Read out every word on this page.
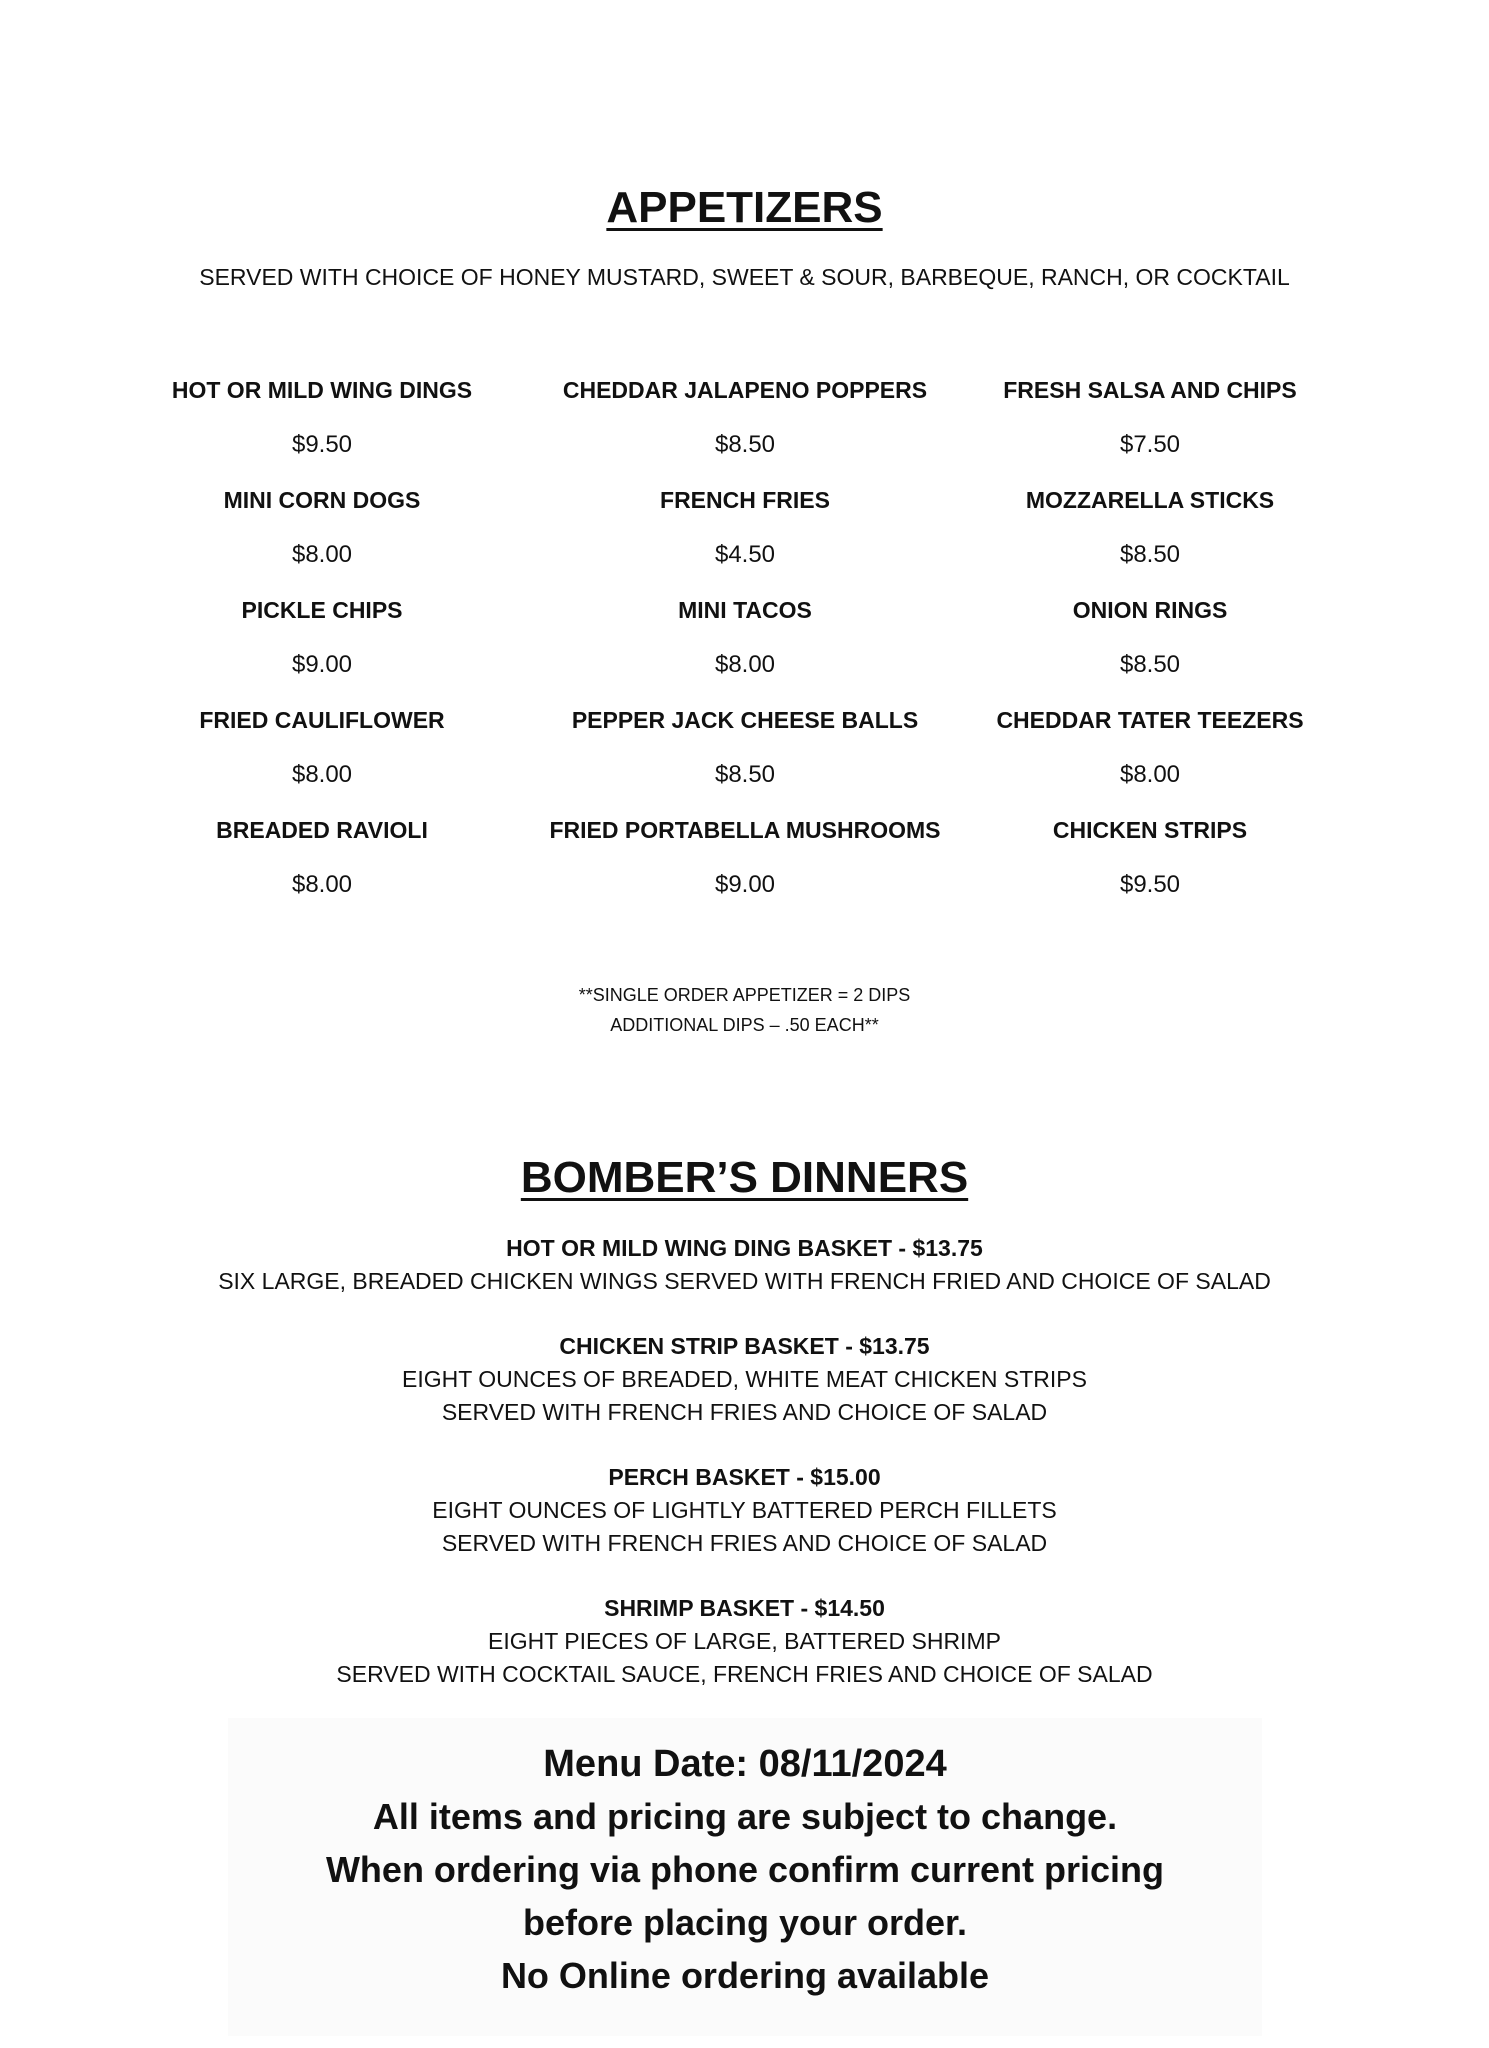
APPETIZERS
SERVED WITH CHOICE OF HONEY MUSTARD, SWEET & SOUR, BARBEQUE, RANCH, OR COCKTAIL
HOT OR MILD WING DINGS
$9.50
MINI CORN DOGS
$8.00
PICKLE CHIPS
$9.00
FRIED CAULIFLOWER
$8.00
BREADED RAVIOLI
$8.00
CHEDDAR JALAPENO POPPERS
$8.50
FRENCH FRIES
$4.50
MINI TACOS
$8.00
PEPPER JACK CHEESE BALLS
$8.50
FRIED PORTABELLA MUSHROOMS
$9.00
FRESH SALSA AND CHIPS
$7.50
MOZZARELLA STICKS
$8.50
ONION RINGS
$8.50
CHEDDAR TATER TEEZERS
$8.00
CHICKEN STRIPS
$9.50
**SINGLE ORDER APPETIZER = 2 DIPS
ADDITIONAL DIPS – .50 EACH**
BOMBER’S DINNERS
HOT OR MILD WING DING BASKET - $13.75
SIX LARGE, BREADED CHICKEN WINGS SERVED WITH FRENCH FRIED AND CHOICE OF SALAD
CHICKEN STRIP BASKET - $13.75
EIGHT OUNCES OF BREADED, WHITE MEAT CHICKEN STRIPS
SERVED WITH FRENCH FRIES AND CHOICE OF SALAD
PERCH BASKET - $15.00
EIGHT OUNCES OF LIGHTLY BATTERED PERCH FILLETS
SERVED WITH FRENCH FRIES AND CHOICE OF SALAD
SHRIMP BASKET - $14.50
EIGHT PIECES OF LARGE, BATTERED SHRIMP
SERVED WITH COCKTAIL SAUCE, FRENCH FRIES AND CHOICE OF SALAD
Menu Date: 08/11/2024
All items and pricing are subject to change.
When ordering via phone confirm current pricing
before placing your order.
No Online ordering available
